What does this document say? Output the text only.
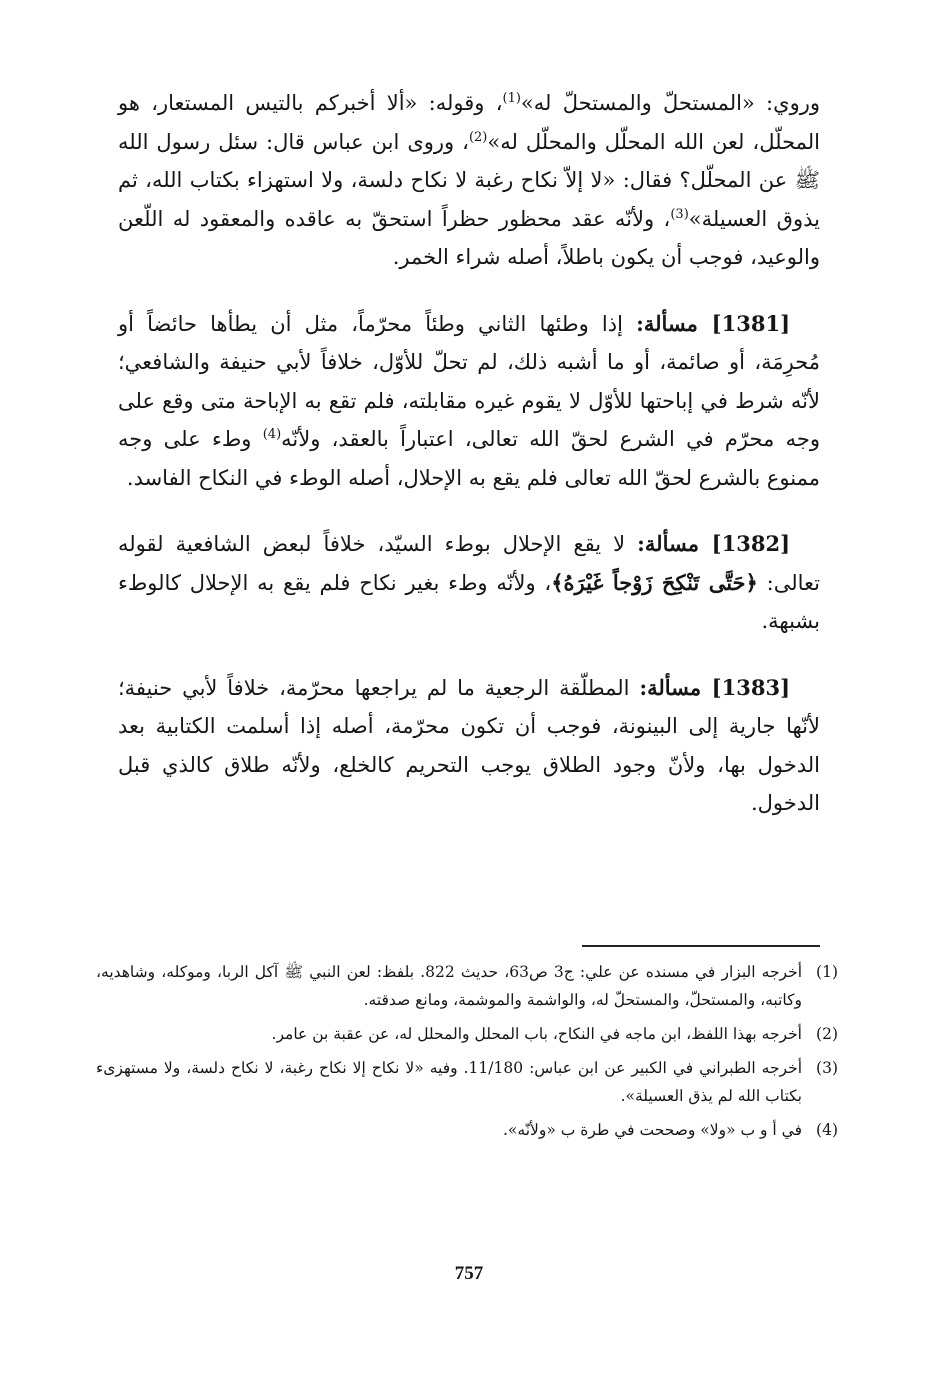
وروي: «المستحلّ والمستحلّ له»$^{(1)}$، وقوله: «ألا أخبركم بالتيس المستعار، هو المحلّل، لعن الله المحلّل والمحلّل له»$^{(2)}$، وروى ابن عباس قال: سئل رسول الله ﷺ عن المحلّل؟ فقال: «لا إلاّ نكاح رغبة لا نكاح دلسة، ولا استهزاء بكتاب الله، ثم يذوق العسيلة»$^{(3)}$، ولأنّه عقد محظور حظراً استحقّ به عاقده والمعقود له اللّعن والوعيد، فوجب أن يكون باطلاً، أصله شراء الخمر.

[1381] مسألة: إذا وطئها الثاني وطئاً محرّماً، مثل أن يطأها حائضاً أو مُحرِمَة، أو صائمة، أو ما أشبه ذلك، لم تحلّ للأوّل، خلافاً لأبي حنيفة والشافعي؛ لأنّه شرط في إباحتها للأوّل لا يقوم غيره مقابلته، فلم تقع به الإباحة متى وقع على وجه محرّم في الشرع لحقّ الله تعالى، اعتباراً بالعقد، ولأنّه$^{(4)}$ وطء على وجه ممنوع بالشرع لحقّ الله تعالى فلم يقع به الإحلال، أصله الوطء في النكاح الفاسد.

[1382] مسألة: لا يقع الإحلال بوطء السيّد، خلافاً لبعض الشافعية لقوله تعالى: ﴿حَتَّى تَنْكِحَ زَوْجاً غَيْرَهُ﴾، ولأنّه وطء بغير نكاح فلم يقع به الإحلال كالوطء بشبهة.

[1383] مسألة: المطلّقة الرجعية ما لم يراجعها محرّمة، خلافاً لأبي حنيفة؛ لأنّها جارية إلى البينونة، فوجب أن تكون محرّمة، أصله إذا أسلمت الكتابية بعد الدخول بها، ولأنّ وجود الطلاق يوجب التحريم كالخلع، ولأنّه طلاق كالذي قبل الدخول.

(1)
أخرجه البزار في مسنده عن علي: ج3 ص63، حديث 822. بلفظ: لعن النبي ﷺ آكل الربا، وموكله، وشاهديه، وكاتبه، والمستحلّ، والمستحلّ له، والواشمة والموشمة، ومانع صدقته.
(2)
أخرجه بهذا اللفظ، ابن ماجه في النكاح، باب المحلل والمحلل له، عن عقبة بن عامر.
(3)
أخرجه الطبراني في الكبير عن ابن عباس: 11/180. وفيه «لا نكاح إلا نكاح رغبة، لا نكاح دلسة، ولا مستهزىء بكتاب الله لم يذق العسيلة».
(4)
في أ و ب «ولا» وصححت في طرة ب «ولأنّه».
757
